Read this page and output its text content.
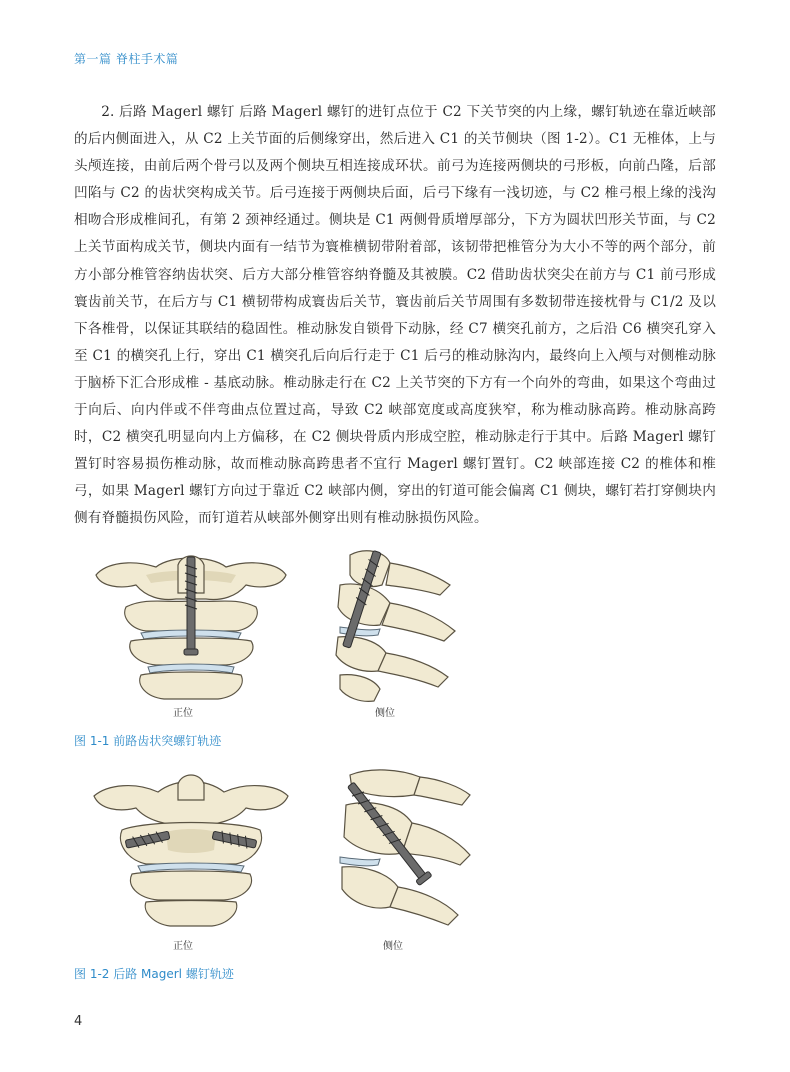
第一篇 脊柱手术篇

2. 后路 Magerl 螺钉 后路 Magerl 螺钉的进钉点位于 C2 下关节突的内上缘，螺钉轨迹在靠近峡部的后内侧面进入，从 C2 上关节面的后侧缘穿出，然后进入 C1 的关节侧块（图 1-2）。C1 无椎体，上与头颅连接，由前后两个骨弓以及两个侧块互相连接成环状。前弓为连接两侧块的弓形板，向前凸隆，后部凹陷与 C2 的齿状突构成关节。后弓连接于两侧块后面，后弓下缘有一浅切迹，与 C2 椎弓根上缘的浅沟相吻合形成椎间孔，有第 2 颈神经通过。侧块是 C1 两侧骨质增厚部分，下方为圆状凹形关节面，与 C2 上关节面构成关节，侧块内面有一结节为寰椎横韧带附着部，该韧带把椎管分为大小不等的两个部分，前方小部分椎管容纳齿状突、后方大部分椎管容纳脊髓及其被膜。C2 借助齿状突尖在前方与 C1 前弓形成寰齿前关节，在后方与 C1 横韧带构成寰齿后关节，寰齿前后关节周围有多数韧带连接枕骨与 C1/2 及以下各椎骨，以保证其联结的稳固性。椎动脉发自锁骨下动脉，经 C7 横突孔前方，之后沿 C6 横突孔穿入至 C1 的横突孔上行，穿出 C1 横突孔后向后行走于 C1 后弓的椎动脉沟内，最终向上入颅与对侧椎动脉于脑桥下汇合形成椎 - 基底动脉。椎动脉走行在 C2 上关节突的下方有一个向外的弯曲，如果这个弯曲过于向后、向内伴或不伴弯曲点位置过高，导致 C2 峡部宽度或高度狭窄，称为椎动脉高跨。椎动脉高跨时，C2 横突孔明显向内上方偏移，在 C2 侧块骨质内形成空腔，椎动脉走行于其中。后路 Magerl 螺钉置钉时容易损伤椎动脉，故而椎动脉高跨患者不宜行 Magerl 螺钉置钉。C2 峡部连接 C2 的椎体和椎弓，如果 Magerl 螺钉方向过于靠近 C2 峡部内侧，穿出的钉道可能会偏离 C1 侧块，螺钉若打穿侧块内侧有脊髓损伤风险，而钉道若从峡部外侧穿出则有椎动脉损伤风险。

正位	侧位
图 1-1 前路齿状突螺钉轨迹
正位	侧位
图 1-2 后路 Magerl 螺钉轨迹
4
